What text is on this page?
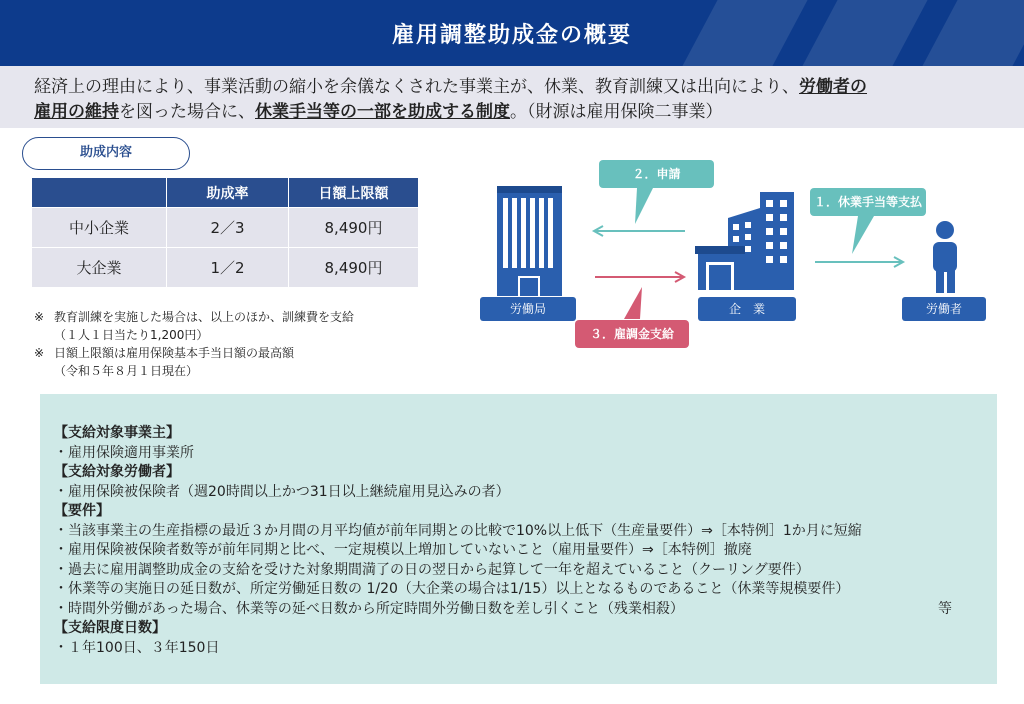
雇用調整助成金の概要
経済上の理由により、事業活動の縮小を余儀なくされた事業主が、休業、教育訓練又は出向により、労働者の
雇用の維持を図った場合に、休業手当等の一部を助成する制度。（財源は雇用保険二事業）
助成内容
	助成率	日額上限額
中小企業	2／3	8,490円
大企業	1／2	8,490円
※ 教育訓練を実施した場合は、以上のほか、訓練費を支給
（１人１日当たり1,200円）
※ 日額上限額は雇用保険基本手当日額の最高額
（令和５年８月１日現在）
労働局	企　業	労働者
２．申請
３．雇調金支給
１．休業手当等支払
【支給対象事業主】
・雇用保険適用事業所
【支給対象労働者】
・雇用保険被保険者（週20時間以上かつ31日以上継続雇用見込みの者）
【要件】
・当該事業主の生産指標の最近３か月間の月平均値が前年同期との比較で10%以上低下（生産量要件）⇒［本特例］1か月に短縮
・雇用保険被保険者数等が前年同期と比べ、一定規模以上増加していないこと（雇用量要件）⇒［本特例］撤廃
・過去に雇用調整助成金の支給を受けた対象期間満了の日の翌日から起算して一年を超えていること（クーリング要件）
・休業等の実施日の延日数が、所定労働延日数の 1/20（大企業の場合は1/15）以上となるものであること（休業等規模要件）
・時間外労働があった場合、休業等の延べ日数から所定時間外労働日数を差し引くこと（残業相殺）	等
【支給限度日数】
・１年100日、３年150日
